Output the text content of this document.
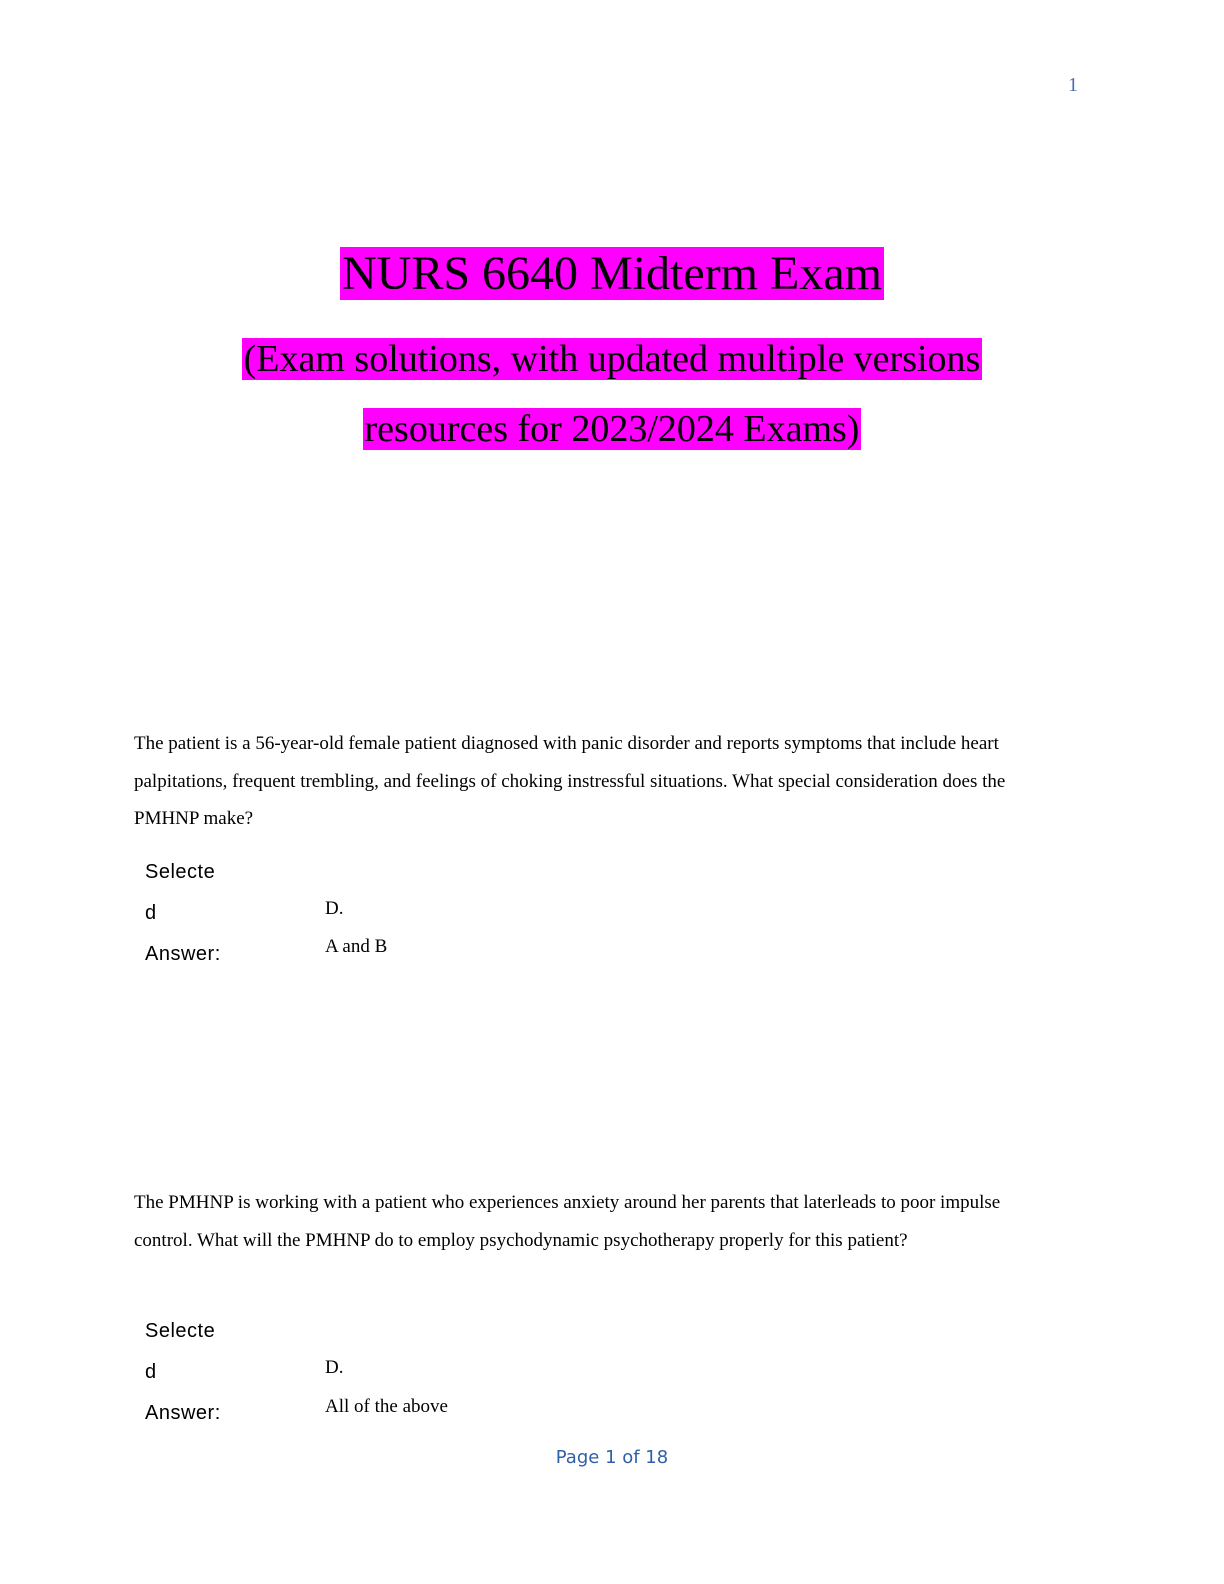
1
NURS 6640 Midterm Exam
(Exam solutions, with updated multiple versions
resources for 2023/2024 Exams)
The patient is a 56-year-old female patient diagnosed with panic disorder and reports symptoms that include heart palpitations, frequent trembling, and feelings of choking instressful situations. What special consideration does the PMHNP make?
Selecte
d
Answer:
D.
A and B
The PMHNP is working with a patient who experiences anxiety around her parents that laterleads to poor impulse control. What will the PMHNP do to employ psychodynamic psychotherapy properly for this patient?
Selecte
d
Answer:
D.
All of the above
Page 1 of 18
